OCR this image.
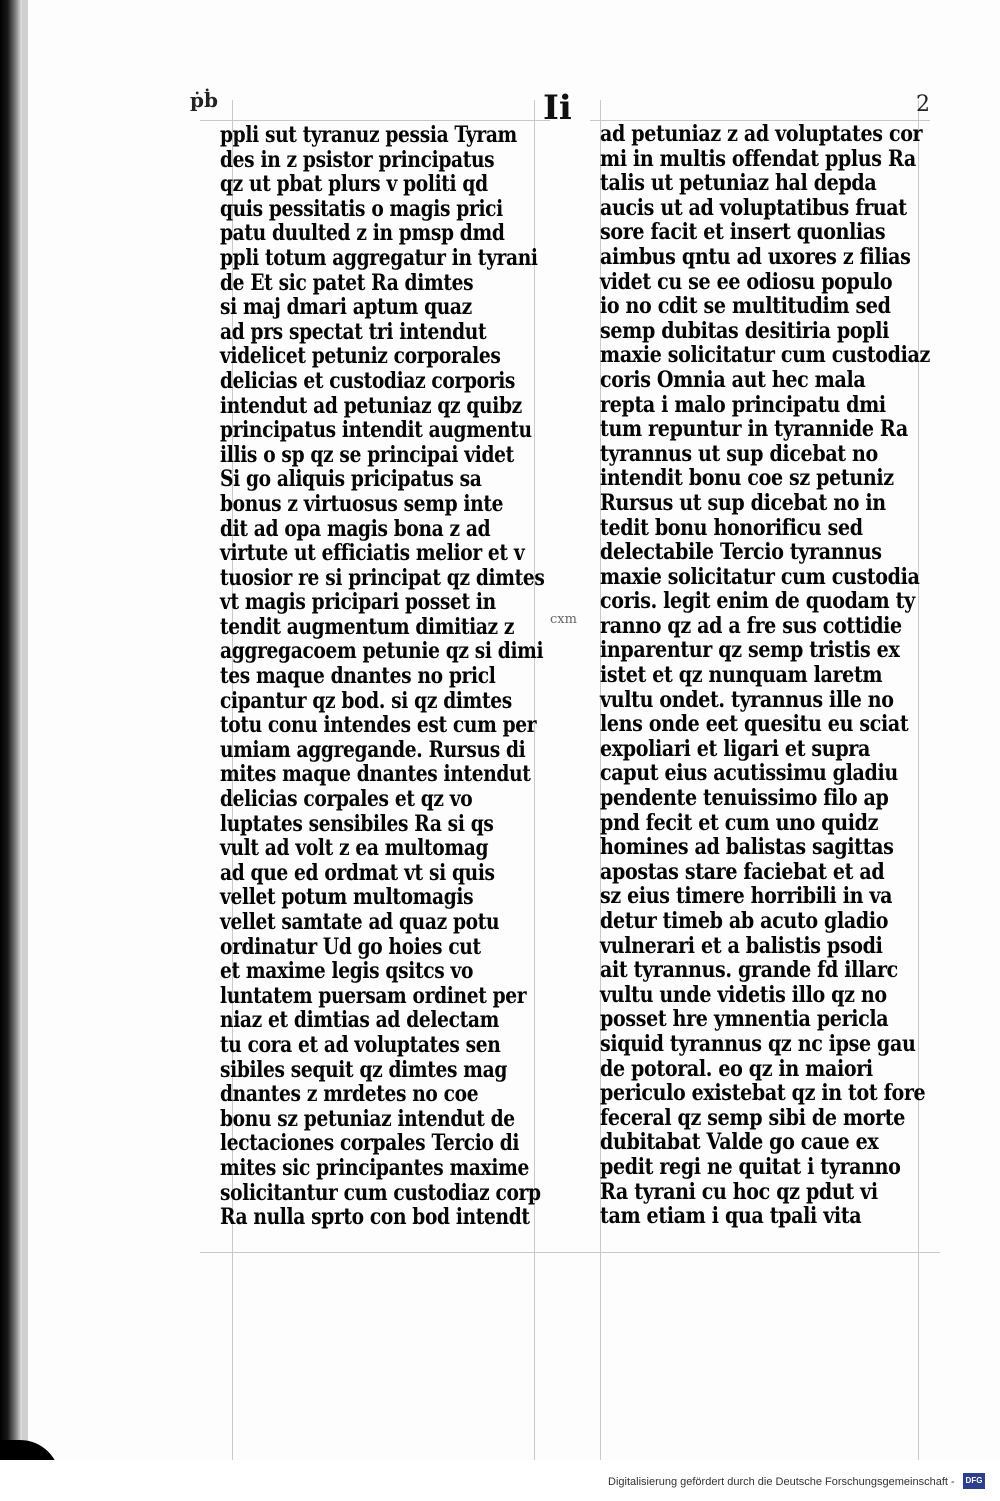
ṗḃ	Ii	2
cxm
ppli sut tyranuz pessia Tyram
des in z psistor principatus
qz ut pbat plurs v politi qd
quis pessitatis o magis prici
patu duulted z in pmsp dmd
ppli totum aggregatur in tyrani
de Et sic patet Ra dimtes
si maj dmari aptum quaz
ad prs spectat tri intendut
videlicet petuniz corporales
delicias et custodiaz corporis
intendut ad petuniaz qz quibz
principatus intendit augmentu
illis o sp qz se principai videt
Si go aliquis pricipatus sa
bonus z virtuosus semp inte
dit ad opa magis bona z ad
virtute ut efficiatis melior et v
tuosior re si principat qz dimtes
vt magis pricipari posset in
tendit augmentum dimitiaz z
aggregacoem petunie qz si dimi
tes maque dnantes no pricl
cipantur qz bod. si qz dimtes
totu conu intendes est cum per
umiam aggregande. Rursus di
mites maque dnantes intendut
delicias corpales et qz vo
luptates sensibiles Ra si qs
vult ad volt z ea multomag
ad que ed ordmat vt si quis
vellet potum multomagis
vellet samtate ad quaz potu
ordinatur Ud go hoies cut
et maxime legis qsitcs vo
luntatem puersam ordinet per
niaz et dimtias ad delectam
tu cora et ad voluptates sen
sibiles sequit qz dimtes mag
dnantes z mrdetes no coe
bonu sz petuniaz intendut de
lectaciones corpales Tercio di
mites sic principantes maxime
solicitantur cum custodiaz corp
Ra nulla sprto con bod intendt
ad petuniaz z ad voluptates cor
mi in multis offendat pplus Ra
talis ut petuniaz hal depda
aucis ut ad voluptatibus fruat
sore facit et insert quonlias
aimbus qntu ad uxores z filias
videt cu se ee odiosu populo
io no cdit se multitudim sed
semp dubitas desitiria popli
maxie solicitatur cum custodiaz
coris Omnia aut hec mala
repta i malo principatu dmi
tum repuntur in tyrannide Ra
tyrannus ut sup dicebat no
intendit bonu coe sz petuniz
Rursus ut sup dicebat no in
tedit bonu honorificu sed
delectabile Tercio tyrannus
maxie solicitatur cum custodia
coris. legit enim de quodam ty
ranno qz ad a fre sus cottidie
inparentur qz semp tristis ex
istet et qz nunquam laretm
vultu ondet. tyrannus ille no
lens onde eet quesitu eu sciat
expoliari et ligari et supra
caput eius acutissimu gladiu
pendente tenuissimo filo ap
pnd fecit et cum uno quidz
homines ad balistas sagittas
apostas stare faciebat et ad
sz eius timere horribili in va
detur timeb ab acuto gladio
vulnerari et a balistis psodi
ait tyrannus. grande fd illarc
vultu unde videtis illo qz no
posset hre ymnentia pericla
siquid tyrannus qz nc ipse gau
de potoral. eo qz in maiori
periculo existebat qz in tot fore
feceral qz semp sibi de morte
dubitabat Valde go caue ex
pedit regi ne quitat i tyranno
Ra tyrani cu hoc qz pdut vi
tam etiam i qua tpali vita
Digitalisierung gefördert durch die Deutsche Forschungsgemeinschaft -	DFG
